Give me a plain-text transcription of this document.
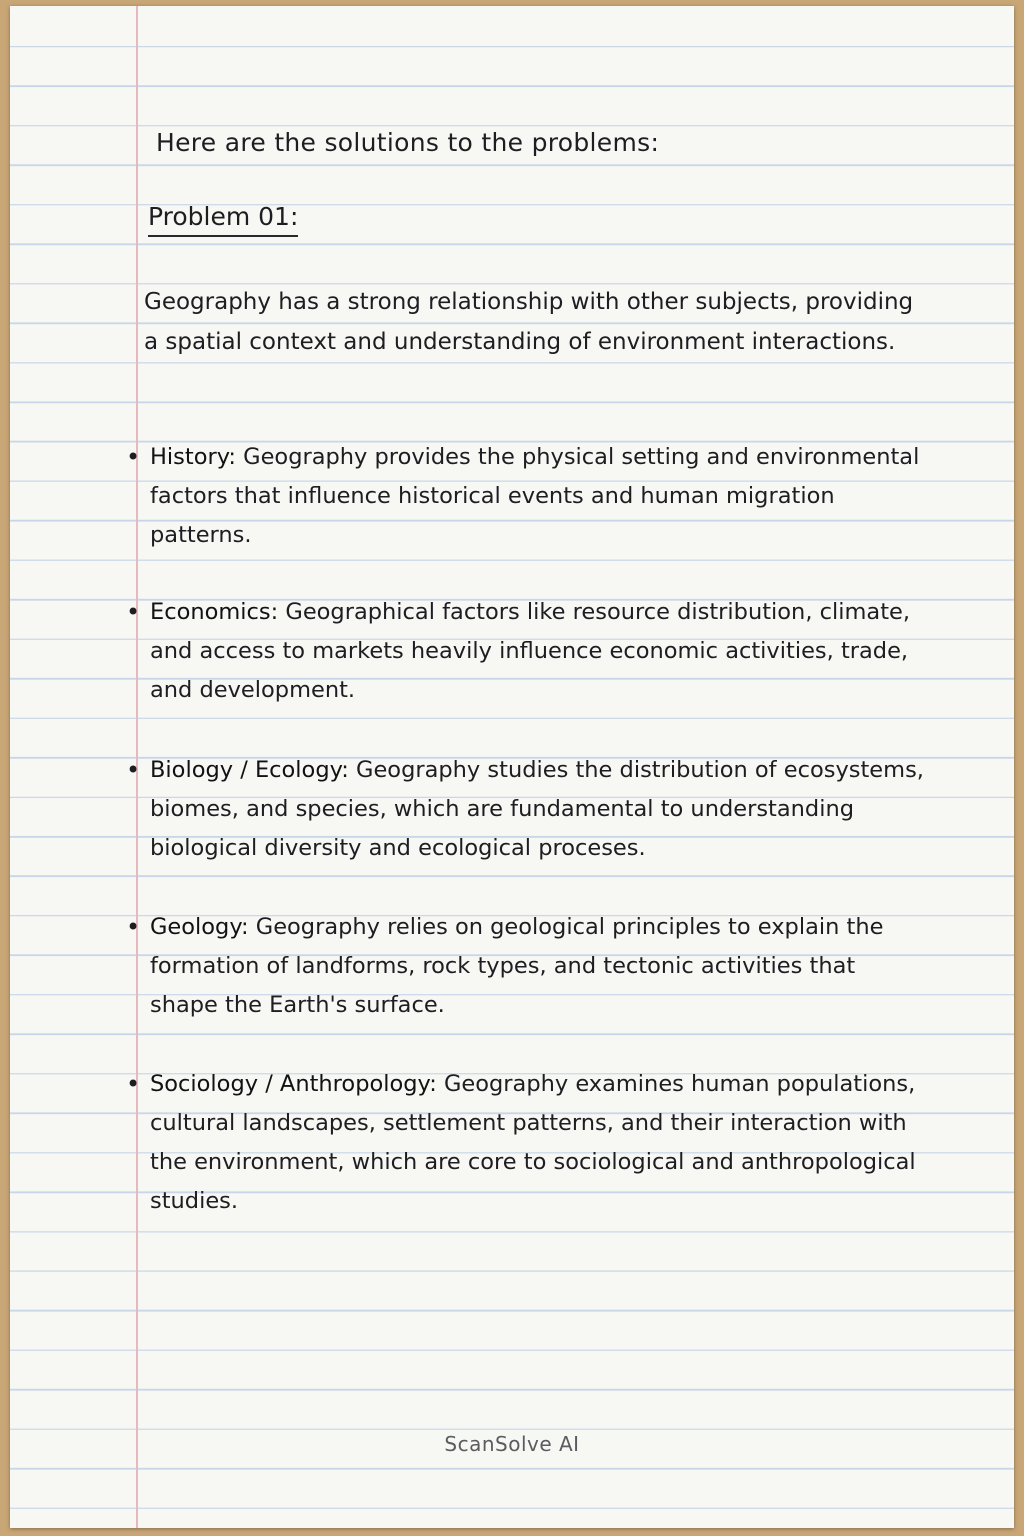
Here are the solutions to the problems:
Problem 01:
Geography has a strong relationship with other subjects, providing a spatial context and understanding of environment interactions.
• History: Geography provides the physical setting and environmental factors that influence historical events and human migration patterns.
• Economics: Geographical factors like resource distribution, climate, and access to markets heavily influence economic activities, trade, and development.
• Biology / Ecology: Geography studies the distribution of ecosystems, biomes, and species, which are fundamental to understanding biological diversity and ecological proceses.
• Geology: Geography relies on geological principles to explain the formation of landforms, rock types, and tectonic activities that shape the Earth's surface.
• Sociology / Anthropology: Geography examines human populations, cultural landscapes, settlement patterns, and their interaction with the environment, which are core to sociological and anthropological studies.
ScanSolve AI
